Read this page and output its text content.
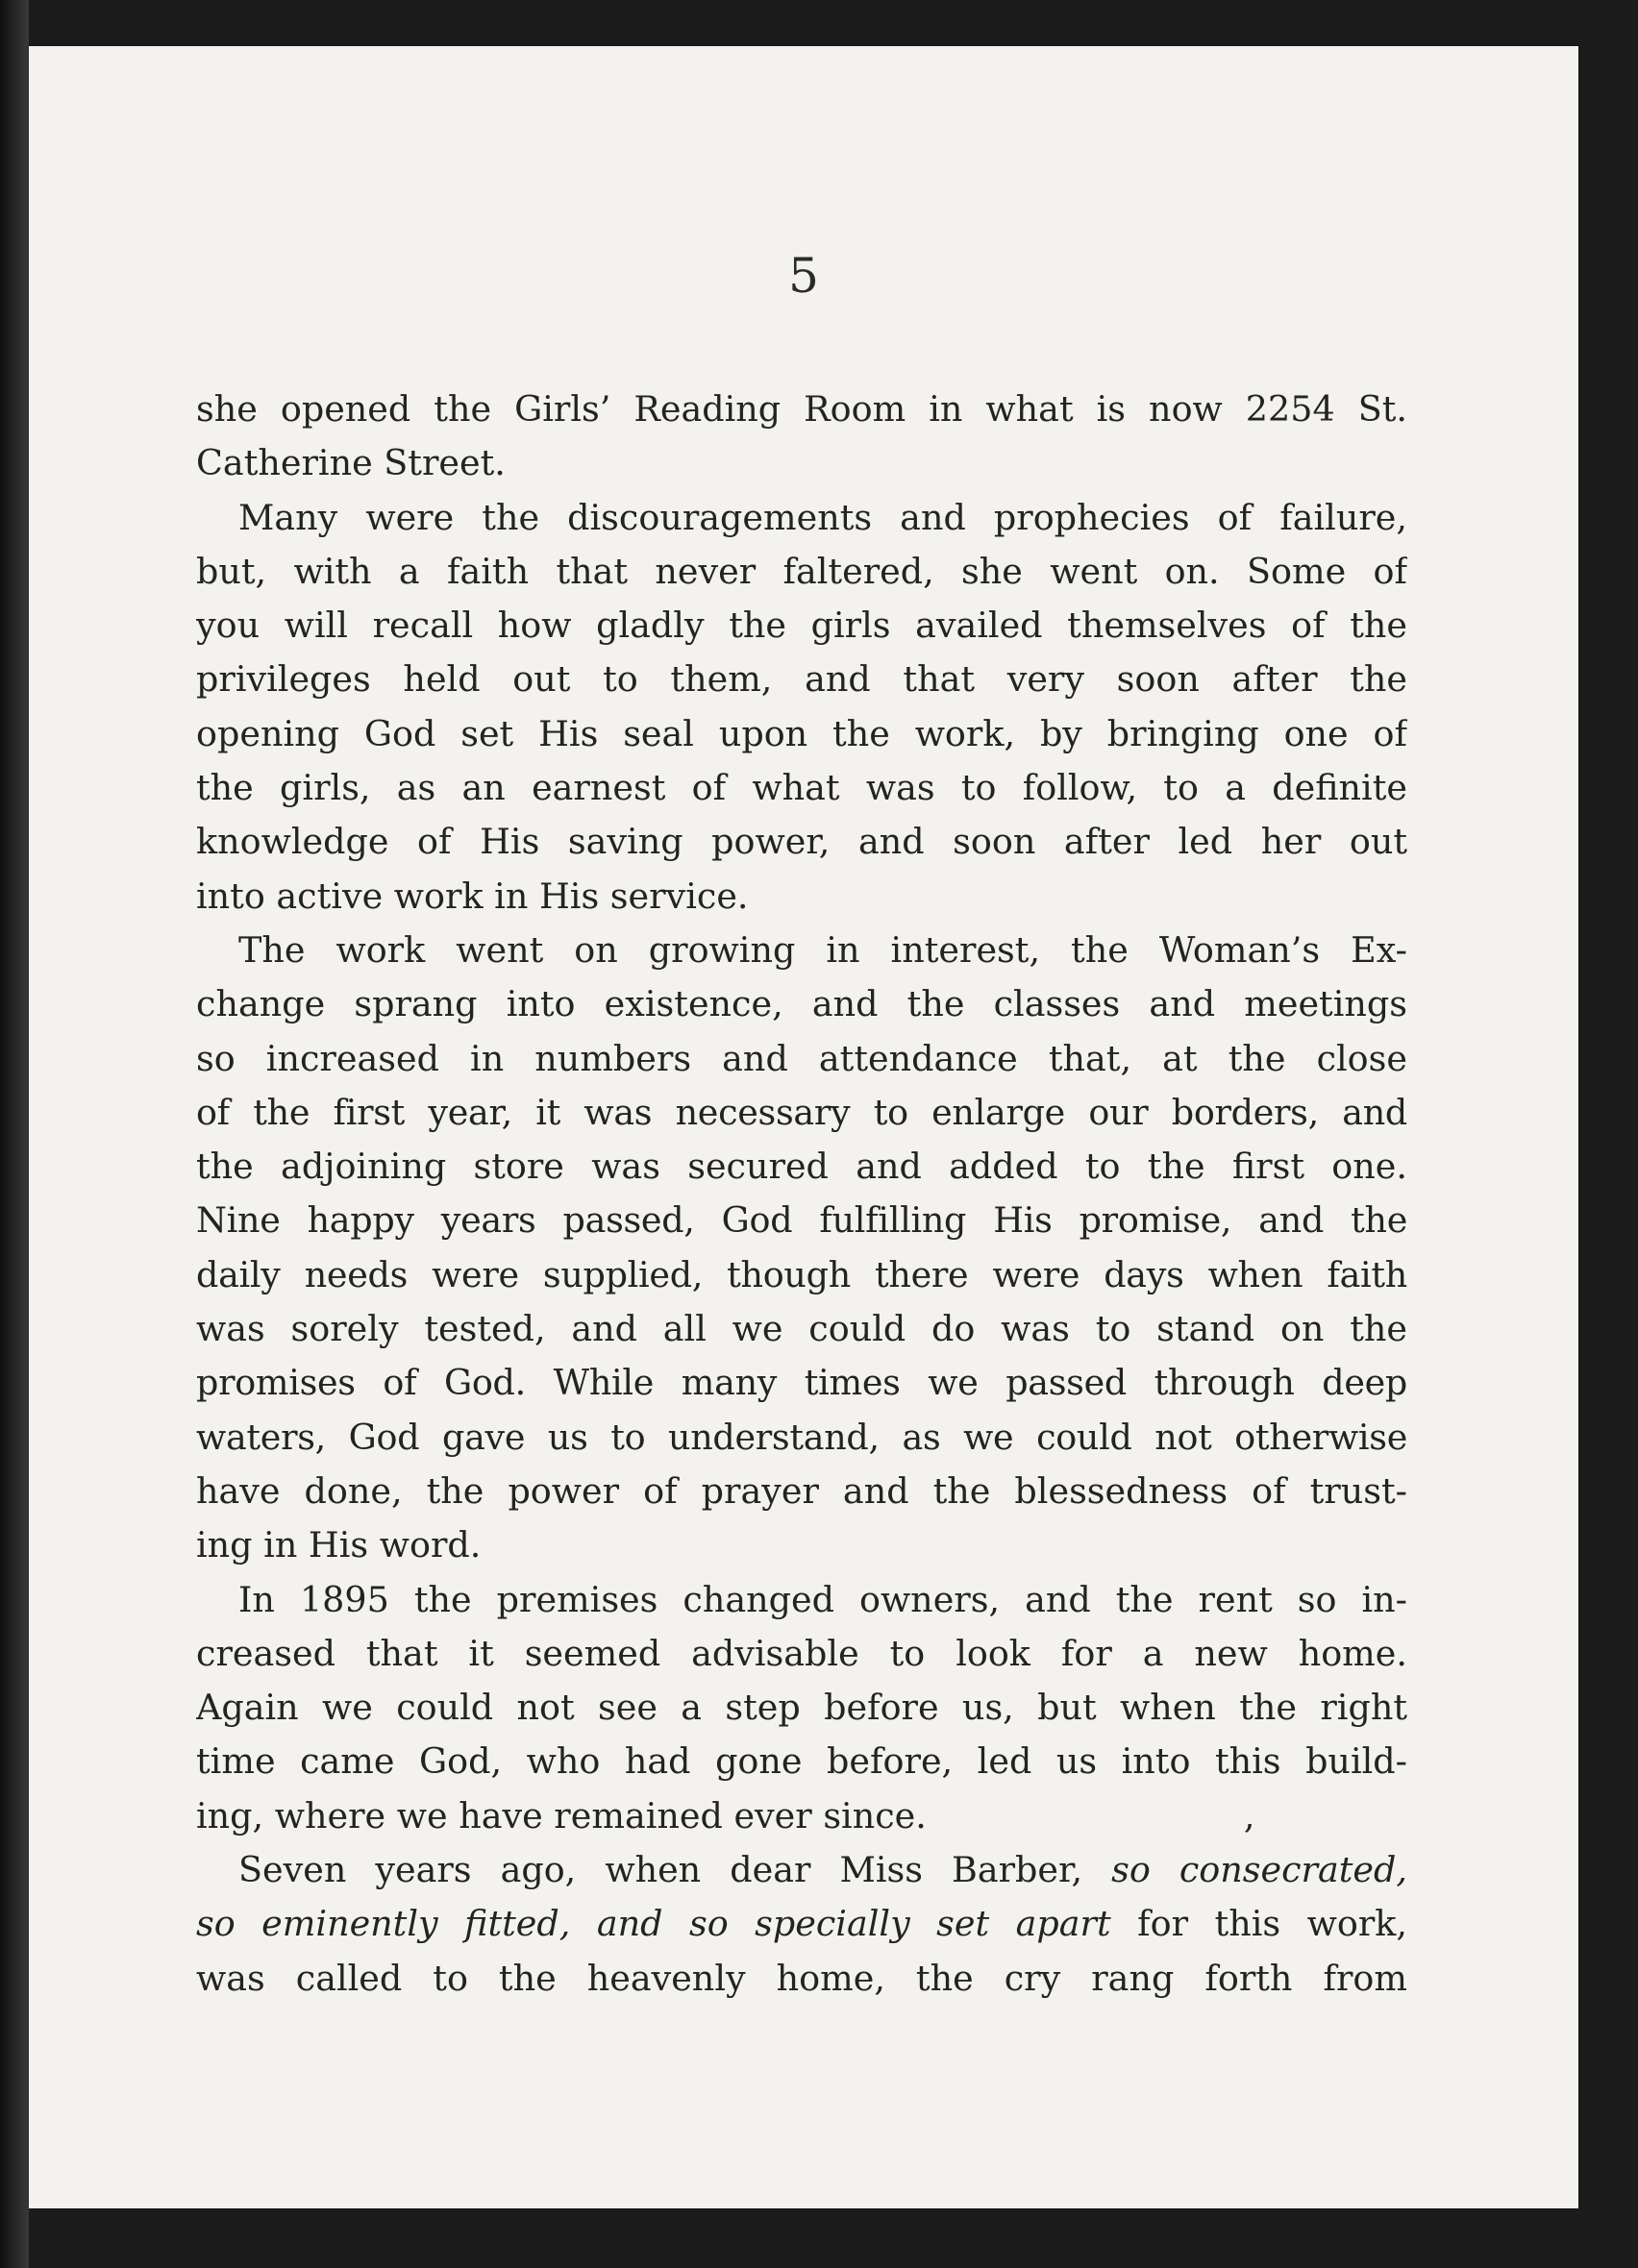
5
she opened the Girls’ Reading Room in what is now 2254 St.
Catherine Street.
Many were the discouragements and prophecies of failure,
but, with a faith that never faltered, she went on. Some of
you will recall how gladly the girls availed themselves of the
privileges held out to them, and that very soon after the
opening God set His seal upon the work, by bringing one of
the girls, as an earnest of what was to follow, to a definite
knowledge of His saving power, and soon after led her out
into active work in His service.
The work went on growing in interest, the Woman’s Ex-
change sprang into existence, and the classes and meetings
so increased in numbers and attendance that, at the close
of the first year, it was necessary to enlarge our borders, and
the adjoining store was secured and added to the first one.
Nine happy years passed, God fulfilling His promise, and the
daily needs were supplied, though there were days when faith
was sorely tested, and all we could do was to stand on the
promises of God. While many times we passed through deep
waters, God gave us to understand, as we could not otherwise
have done, the power of prayer and the blessedness of trust-
ing in His word.
In 1895 the premises changed owners, and the rent so in-
creased that it seemed advisable to look for a new home.
Again we could not see a step before us, but when the right
time came God, who had gone before, led us into this build-
ing, where we have remained ever since.	,
Seven years ago, when dear Miss Barber, so consecrated,
so eminently fitted, and so specially set apart for this work,
was called to the heavenly home, the cry rang forth from
